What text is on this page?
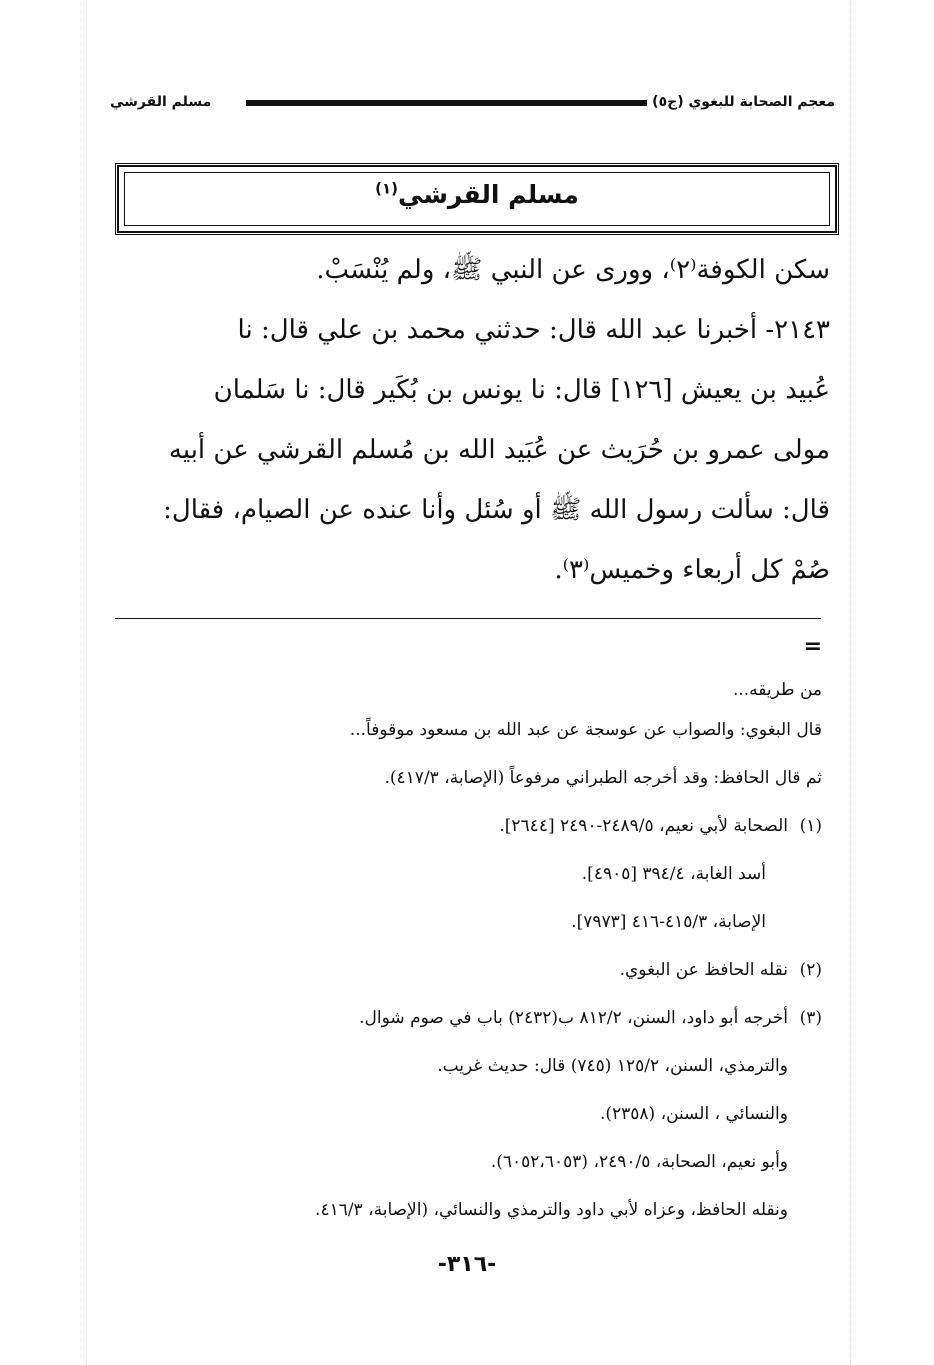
معجم الصحابة للبغوي (ج٥)
مسلم القرشي
مسلم القرشي$^{(١)}$
سكن الكوفة⁽٢⁾، وورى عن النبي ﷺ، ولم يُنْسَبْ.
٢١٤٣- أخبرنا عبد الله قال: حدثني محمد بن علي قال: نا
عُبيد بن يعيش [١٢٦] قال: نا يونس بن بُكَير قال: نا سَلمان
مولى عمرو بن حُرَيث عن عُبَيد الله بن مُسلم القرشي عن أبيه
قال: سألت رسول الله ﷺ أو سُئل وأنا عنده عن الصيام، فقال:
صُمْ كل أربعاء وخميس⁽٣⁾.
=
من طريقه...
قال البغوي: والصواب عن عوسجة عن عبد الله بن مسعود موقوفاً...
ثم قال الحافظ: وقد أخرجه الطبراني مرفوعاً (الإصابة، ٤١٧/٣).
(١)الصحابة لأبي نعيم، ٢٤٨٩/٥-٢٤٩٠ [٢٦٤٤].
أسد الغابة، ٣٩٤/٤ [٤٩٠٥].
الإصابة، ٤١٥/٣-٤١٦ [٧٩٧٣].
(٢)نقله الحافظ عن البغوي.
(٣)أخرجه أبو داود، السنن، ٨١٢/٢ ب(٢٤٣٢) باب في صوم شوال.
والترمذي، السنن، ١٢٥/٢ (٧٤٥) قال: حديث غريب.
والنسائي ، السنن، (٢٣٥٨).
وأبو نعيم، الصحابة، ٢٤٩٠/٥، (٦٠٥٢،٦٠٥٣).
ونقله الحافظ، وعزاه لأبي داود والترمذي والنسائي، (الإصابة، ٤١٦/٣.
-٣١٦-
